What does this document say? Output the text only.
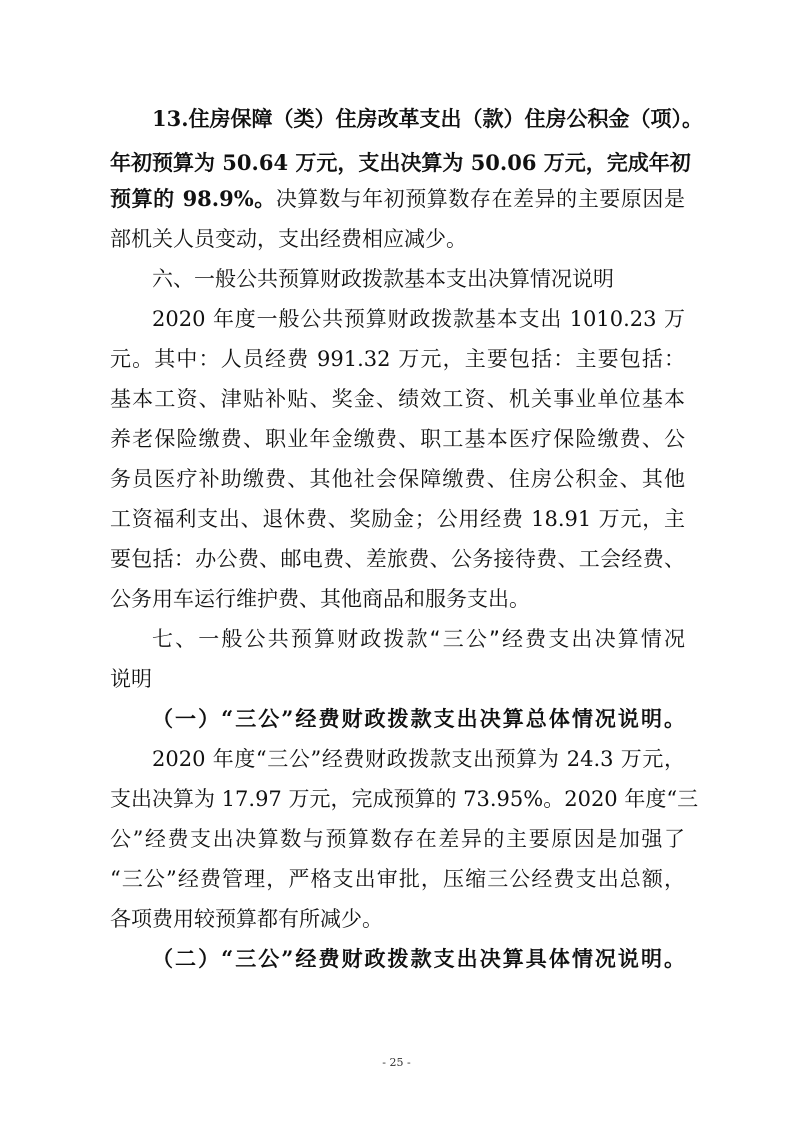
13.住房保障（类）住房改革支出（款）住房公积金（项）。
年初预算为 50.64 万元，支出决算为 50.06 万元，完成年初
预算的 98.9%。决算数与年初预算数存在差异的主要原因是
部机关人员变动，支出经费相应减少。
六、一般公共预算财政拨款基本支出决算情况说明
2020 年度一般公共预算财政拨款基本支出 1010.23 万
元。其中：人员经费 991.32 万元，主要包括：主要包括：
基本工资、津贴补贴、奖金、绩效工资、机关事业单位基本
养老保险缴费、职业年金缴费、职工基本医疗保险缴费、公
务员医疗补助缴费、其他社会保障缴费、住房公积金、其他
工资福利支出、退休费、奖励金；公用经费 18.91 万元，主
要包括：办公费、邮电费、差旅费、公务接待费、工会经费、
公务用车运行维护费、其他商品和服务支出。
七、一般公共预算财政拨款“三公”经费支出决算情况
说明
（一）“三公”经费财政拨款支出决算总体情况说明。
2020 年度“三公”经费财政拨款支出预算为 24.3 万元，
支出决算为 17.97 万元，完成预算的 73.95%。2020 年度“三
公”经费支出决算数与预算数存在差异的主要原因是加强了
“三公”经费管理，严格支出审批，压缩三公经费支出总额，
各项费用较预算都有所减少。
（二）“三公”经费财政拨款支出决算具体情况说明。
- 25 -
